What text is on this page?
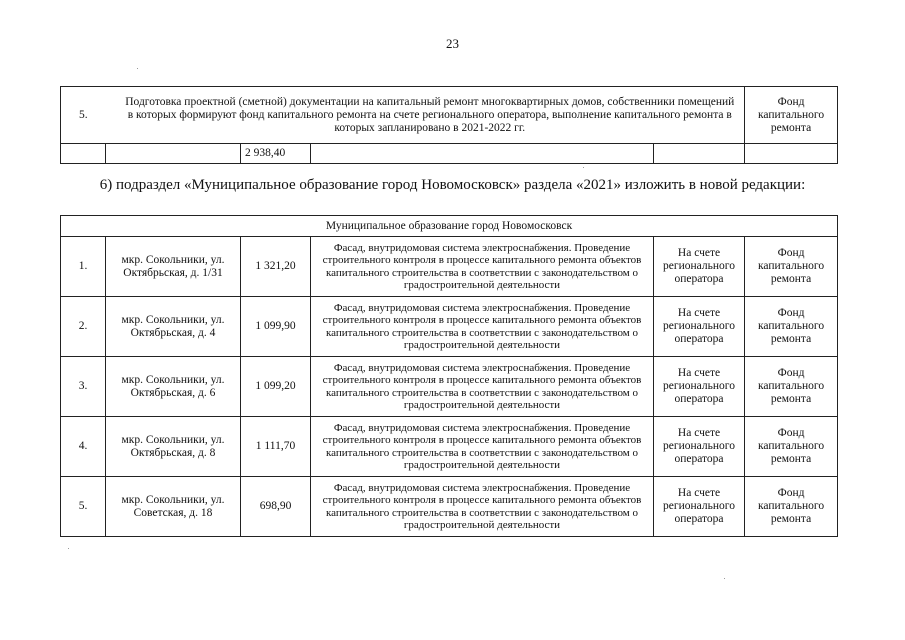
23
5.	Подготовка проектной (сметной) документации на капитальный ремонт многоквартирных домов, собственники помещений в которых формируют фонд капитального ремонта на счете регионального оператора, выполнение капитального ремонта в которых запланировано в 2021-2022 гг.				Фонд капитального ремонта
		2 938,40			
6) подраздел «Муниципальное образование город Новомосковск» раздела «2021» изложить в новой редакции:
Муниципальное образование город Новомосковск					
1.	мкр. Сокольники, ул. Октябрьская, д. 1/31	1 321,20	Фасад, внутридомовая система электроснабжения. Проведение строительного контроля в процессе капитального ремонта объектов капитального строительства в соответствии с законодательством о градостроительной деятельности	На счете регионального оператора	Фонд капитального ремонта
2.	мкр. Сокольники, ул. Октябрьская, д. 4	1 099,90	Фасад, внутридомовая система электроснабжения. Проведение строительного контроля в процессе капитального ремонта объектов капитального строительства в соответствии с законодательством о градостроительной деятельности	На счете регионального оператора	Фонд капитального ремонта
3.	мкр. Сокольники, ул. Октябрьская, д. 6	1 099,20	Фасад, внутридомовая система электроснабжения. Проведение строительного контроля в процессе капитального ремонта объектов капитального строительства в соответствии с законодательством о градостроительной деятельности	На счете регионального оператора	Фонд капитального ремонта
4.	мкр. Сокольники, ул. Октябрьская, д. 8	1 111,70	Фасад, внутридомовая система электроснабжения. Проведение строительного контроля в процессе капитального ремонта объектов капитального строительства в соответствии с законодательством о градостроительной деятельности	На счете регионального оператора	Фонд капитального ремонта
5.	мкр. Сокольники, ул. Советская, д. 18	698,90	Фасад, внутридомовая система электроснабжения. Проведение строительного контроля в процессе капитального ремонта объектов капитального строительства в соответствии с законодательством о градостроительной деятельности	На счете регионального оператора	Фонд капитального ремонта
